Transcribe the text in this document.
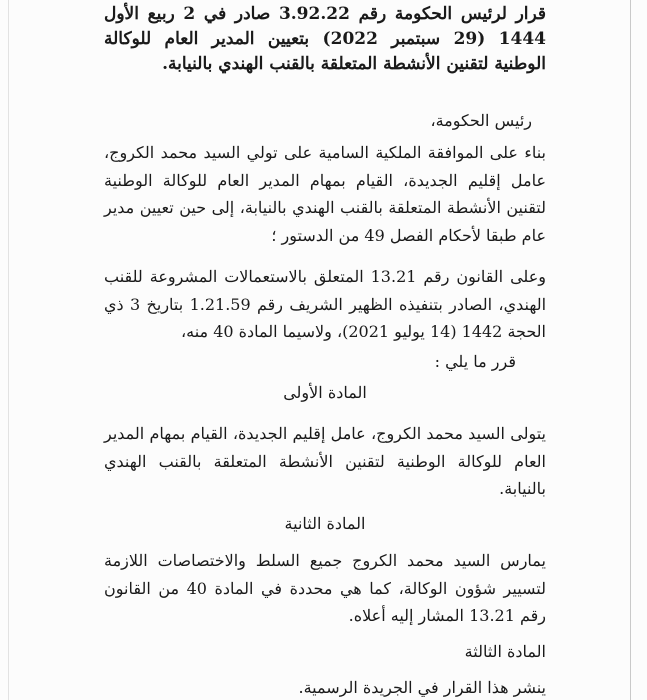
قرار لرئيس الحكومة رقم 3.92.22 صادر في 2 ربيع الأول 1444 (29 سبتمبر 2022) بتعيين المدير العام للوكالة الوطنية لتقنين الأنشطة المتعلقة بالقنب الهندي بالنيابة.
رئيس الحكومة،
بناء على الموافقة الملكية السامية على تولي السيد محمد الكروج، عامل إقليم الجديدة، القيام بمهام المدير العام للوكالة الوطنية لتقنين الأنشطة المتعلقة بالقنب الهندي بالنيابة، إلى حين تعيين مدير عام طبقا لأحكام الفصل 49 من الدستور ؛
وعلى القانون رقم 13.21 المتعلق بالاستعمالات المشروعة للقنب الهندي، الصادر بتنفيذه الظهير الشريف رقم 1.21.59 بتاريخ 3 ذي الحجة 1442 (14 يوليو 2021)، ولاسيما المادة 40 منه،
قرر ما يلي :
المادة الأولى
يتولى السيد محمد الكروج، عامل إقليم الجديدة، القيام بمهام المدير العام للوكالة الوطنية لتقنين الأنشطة المتعلقة بالقنب الهندي بالنيابة.
المادة الثانية
يمارس السيد محمد الكروج جميع السلط والاختصاصات اللازمة لتسيير شؤون الوكالة، كما هي محددة في المادة 40 من القانون رقم 13.21 المشار إليه أعلاه.
المادة الثالثة
ينشر هذا القرار في الجريدة الرسمية.
